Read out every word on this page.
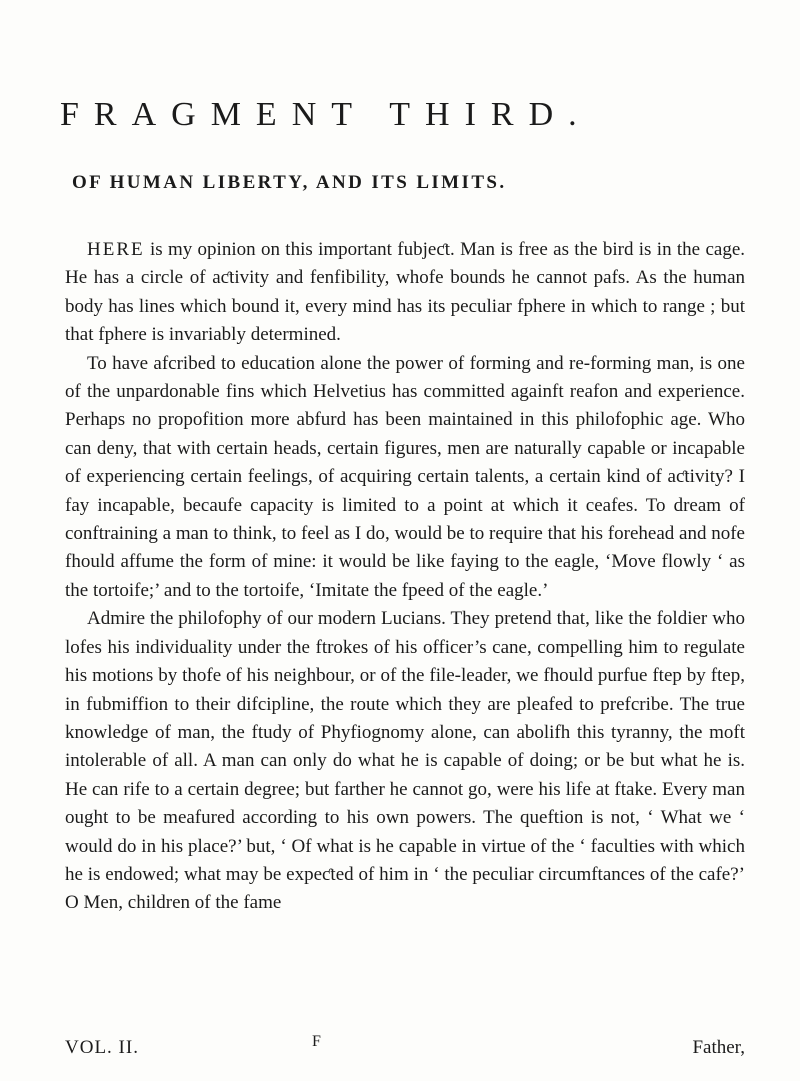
FRAGMENT THIRD.
OF HUMAN LIBERTY, AND ITS LIMITS.

HERE is my opinion on this important fubjeƈt. Man is free as the bird is in the cage. He has a circle of aƈtivity and fenfibility, whofe bounds he cannot pafs. As the human body has lines which bound it, every mind has its peculiar fphere in which to range ; but that fphere is invariably determined.

To have afcribed to education alone the power of forming and re-forming man, is one of the unpardonable fins which Helvetius has committed againft reafon and experience. Perhaps no propofition more abfurd has been maintained in this philofophic age. Who can deny, that with certain heads, certain figures, men are naturally capable or incapable of experiencing certain feelings, of acquiring certain talents, a certain kind of aƈtivity? I fay incapable, becaufe capacity is limited to a point at which it ceafes. To dream of conftraining a man to think, to feel as I do, would be to require that his forehead and nofe fhould affume the form of mine: it would be like faying to the eagle, ‘Move flowly ‘ as the tortoife;’ and to the tortoife, ‘Imitate the fpeed of the eagle.’

Admire the philofophy of our modern Lucians. They pretend that, like the foldier who lofes his individuality under the ftrokes of his officer’s cane, compelling him to regulate his motions by thofe of his neighbour, or of the file-leader, we fhould purfue ftep by ftep, in fubmiffion to their difcipline, the route which they are pleafed to prefcribe. The true knowledge of man, the ftudy of Phyfiognomy alone, can abolifh this tyranny, the moft intolerable of all. A man can only do what he is capable of doing; or be but what he is. He can rife to a certain degree; but farther he cannot go, were his life at ftake. Every man ought to be meafured according to his own powers. The queftion is not, ‘ What we ‘ would do in his place?’ but, ‘ Of what is he capable in virtue of the ‘ faculties with which he is endowed; what may be expeƈted of him in ‘ the peculiar circumftances of the cafe?’ O Men, children of the fame

VOL. II.	F	Father,
